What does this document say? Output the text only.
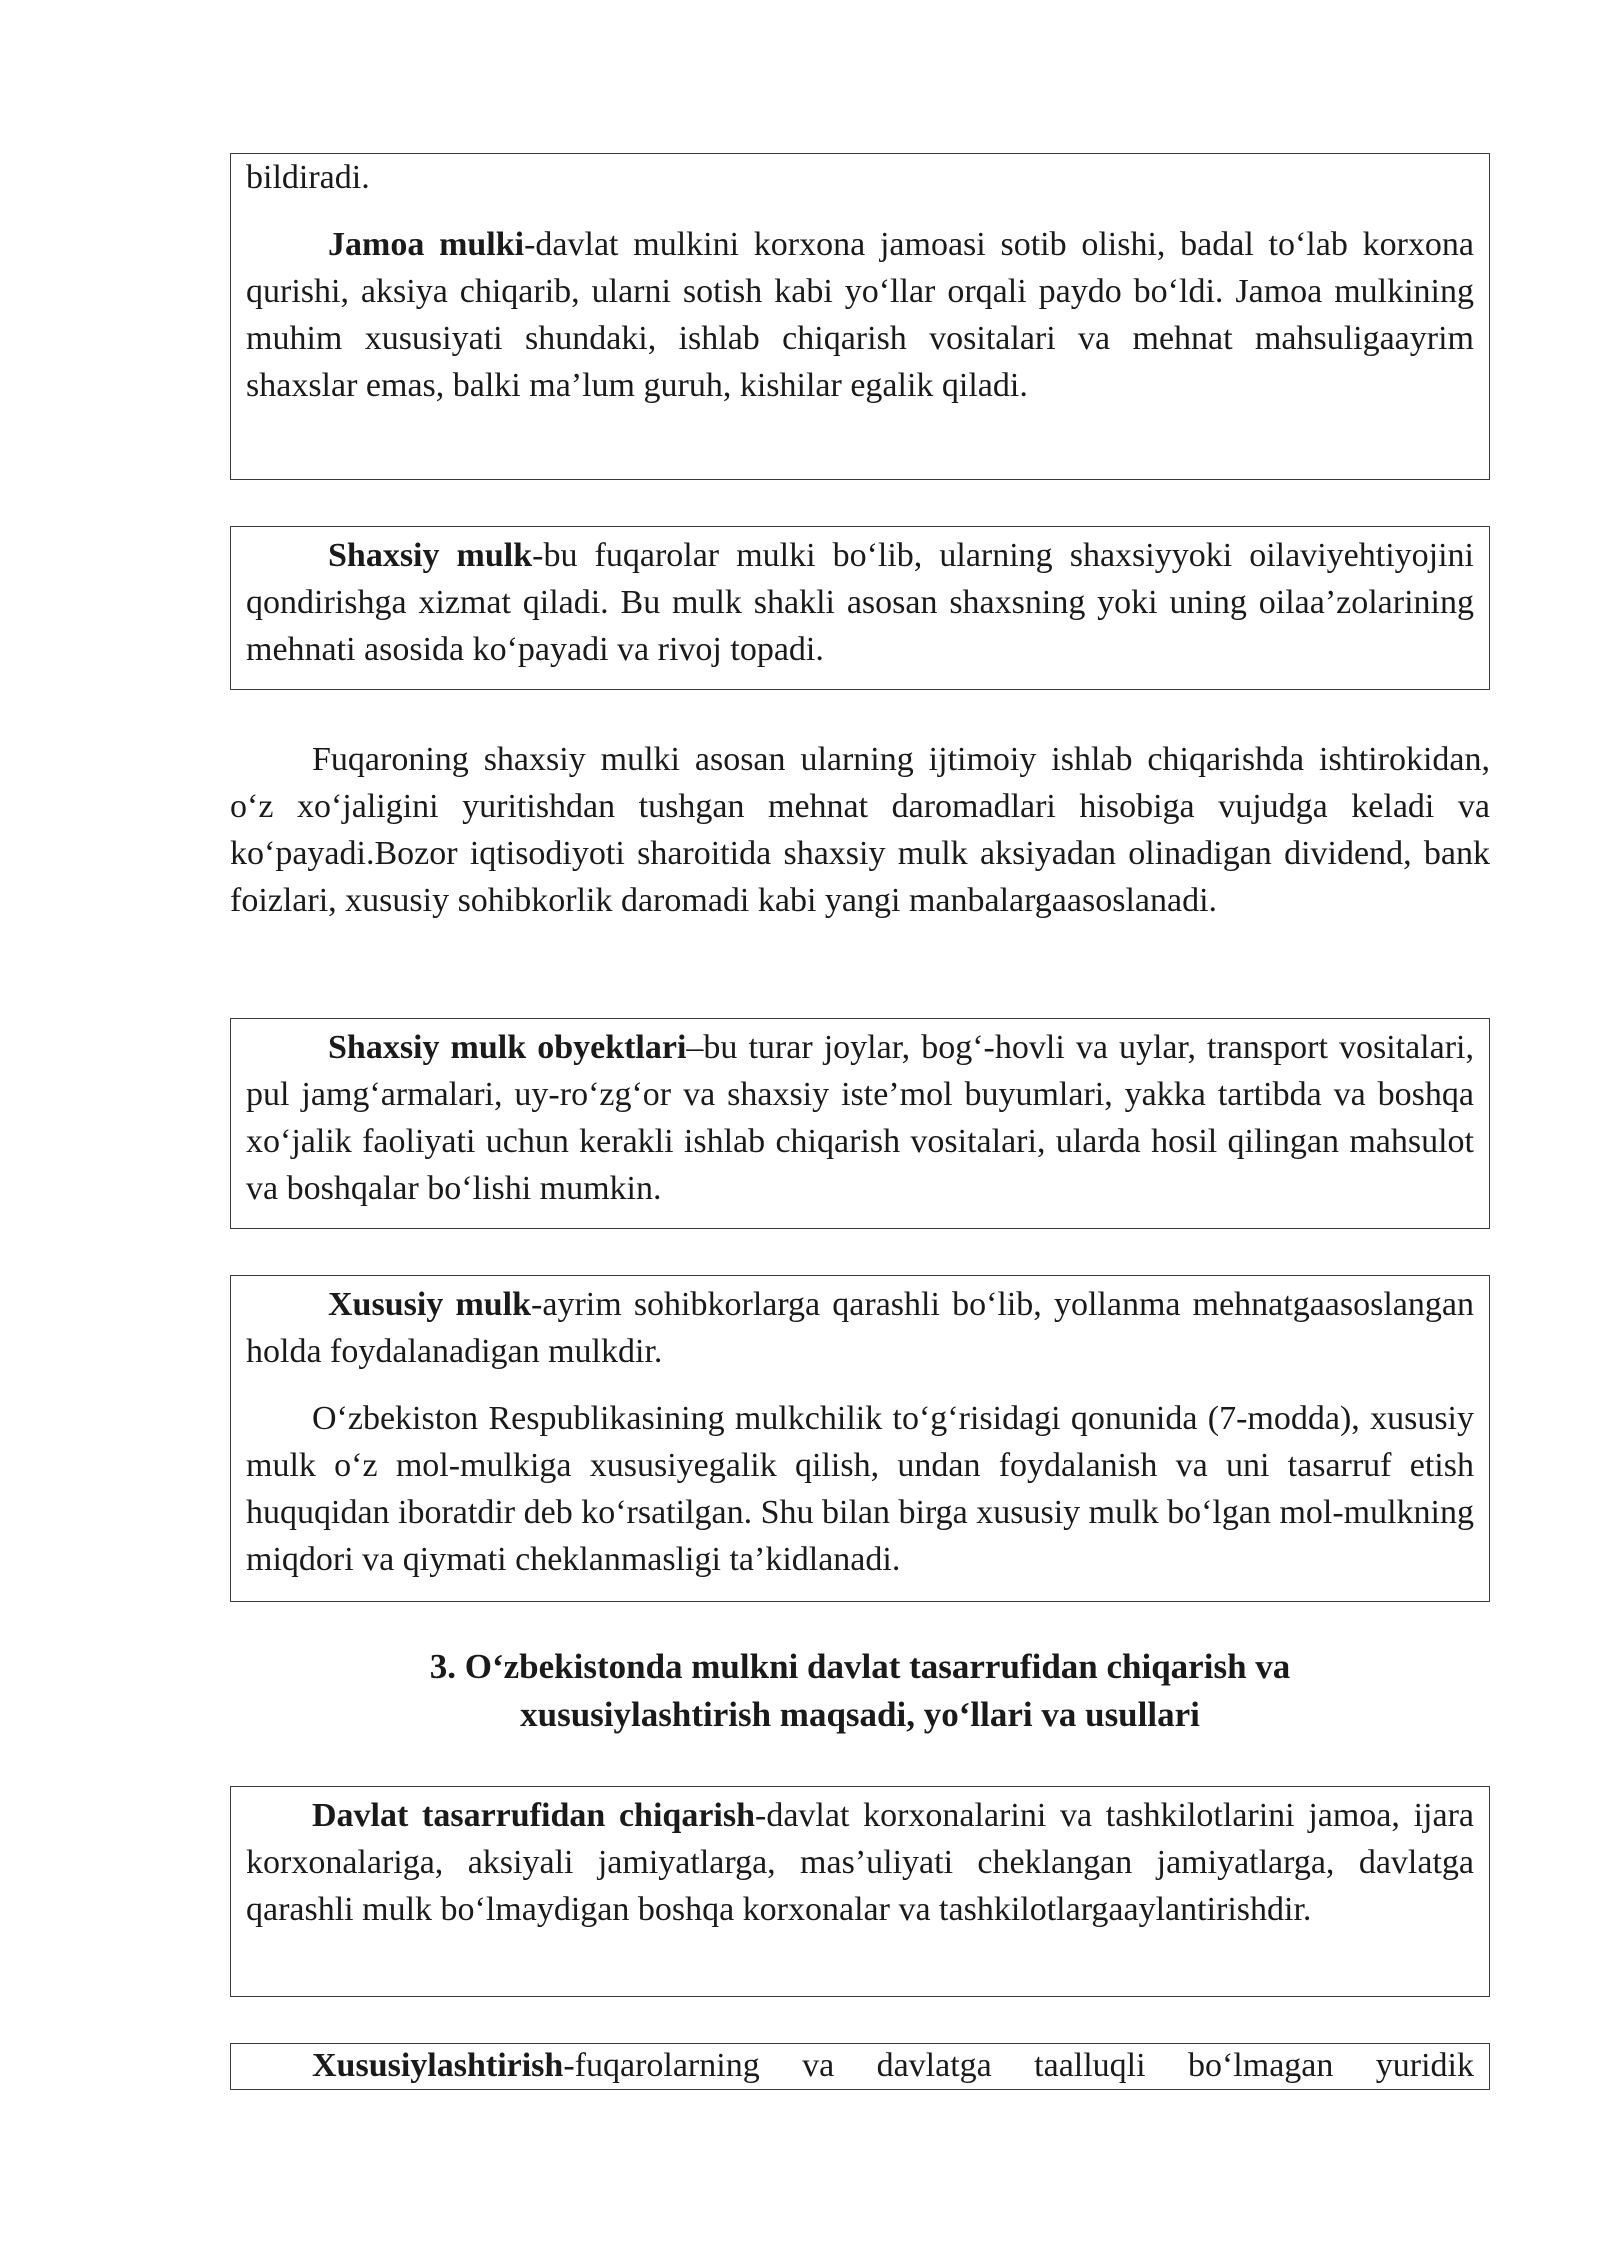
bildiradi.

Jamoa mulki-davlat mulkini korxona jamoasi sotib olishi, badal to‘lab korxona qurishi, aksiya chiqarib, ularni sotish kabi yo‘llar orqali paydo bo‘ldi. Jamoa mulkining muhim xususiyati shundaki, ishlab chiqarish vositalari va mehnat mahsuligaayrim shaxslar emas, balki ma’lum guruh, kishilar egalik qiladi.

Shaxsiy mulk-bu fuqarolar mulki bo‘lib, ularning shaxsiyyoki oilaviyehtiyojini qondirishga xizmat qiladi. Bu mulk shakli asosan shaxsning yoki uning oilaa’zolarining mehnati asosida ko‘payadi va rivoj topadi.

Fuqaroning shaxsiy mulki asosan ularning ijtimoiy ishlab chiqarishda ishtirokidan, o‘z xo‘jaligini yuritishdan tushgan mehnat daromadlari hisobiga vujudga keladi va ko‘payadi.Bozor iqtisodiyoti sharoitida shaxsiy mulk aksiyadan olinadigan dividend, bank foizlari, xususiy sohibkorlik daromadi kabi yangi manbalargaasoslanadi.

Shaxsiy mulk obyektlari–bu turar joylar, bog‘-hovli va uylar, transport vositalari, pul jamg‘armalari, uy-ro‘zg‘or va shaxsiy iste’mol buyumlari, yakka tartibda va boshqa xo‘jalik faoliyati uchun kerakli ishlab chiqarish vositalari, ularda hosil qilingan mahsulot va boshqalar bo‘lishi mumkin.

Xususiy mulk-ayrim sohibkorlarga qarashli bo‘lib, yollanma mehnatgaasoslangan holda foydalanadigan mulkdir.

O‘zbekiston Respublikasining mulkchilik to‘g‘risidagi qonunida (7-modda), xususiy mulk o‘z mol-mulkiga xususiyegalik qilish, undan foydalanish va uni tasarruf etish huquqidan iboratdir deb ko‘rsatilgan. Shu bilan birga xususiy mulk bo‘lgan mol-mulkning miqdori va qiymati cheklanmasligi ta’kidlanadi.

3. O‘zbekistonda mulkni davlat tasarrufidan chiqarish va
xususiylashtirish maqsadi, yo‘llari va usullari

Davlat tasarrufidan chiqarish-davlat korxonalarini va tashkilotlarini jamoa, ijara korxonalariga, aksiyali jamiyatlarga, mas’uliyati cheklangan jamiyatlarga, davlatga qarashli mulk bo‘lmaydigan boshqa korxonalar va tashkilotlargaaylantirishdir.

Xususiylashtirish-fuqarolarning va davlatga taalluqli bo‘lmagan yuridik
